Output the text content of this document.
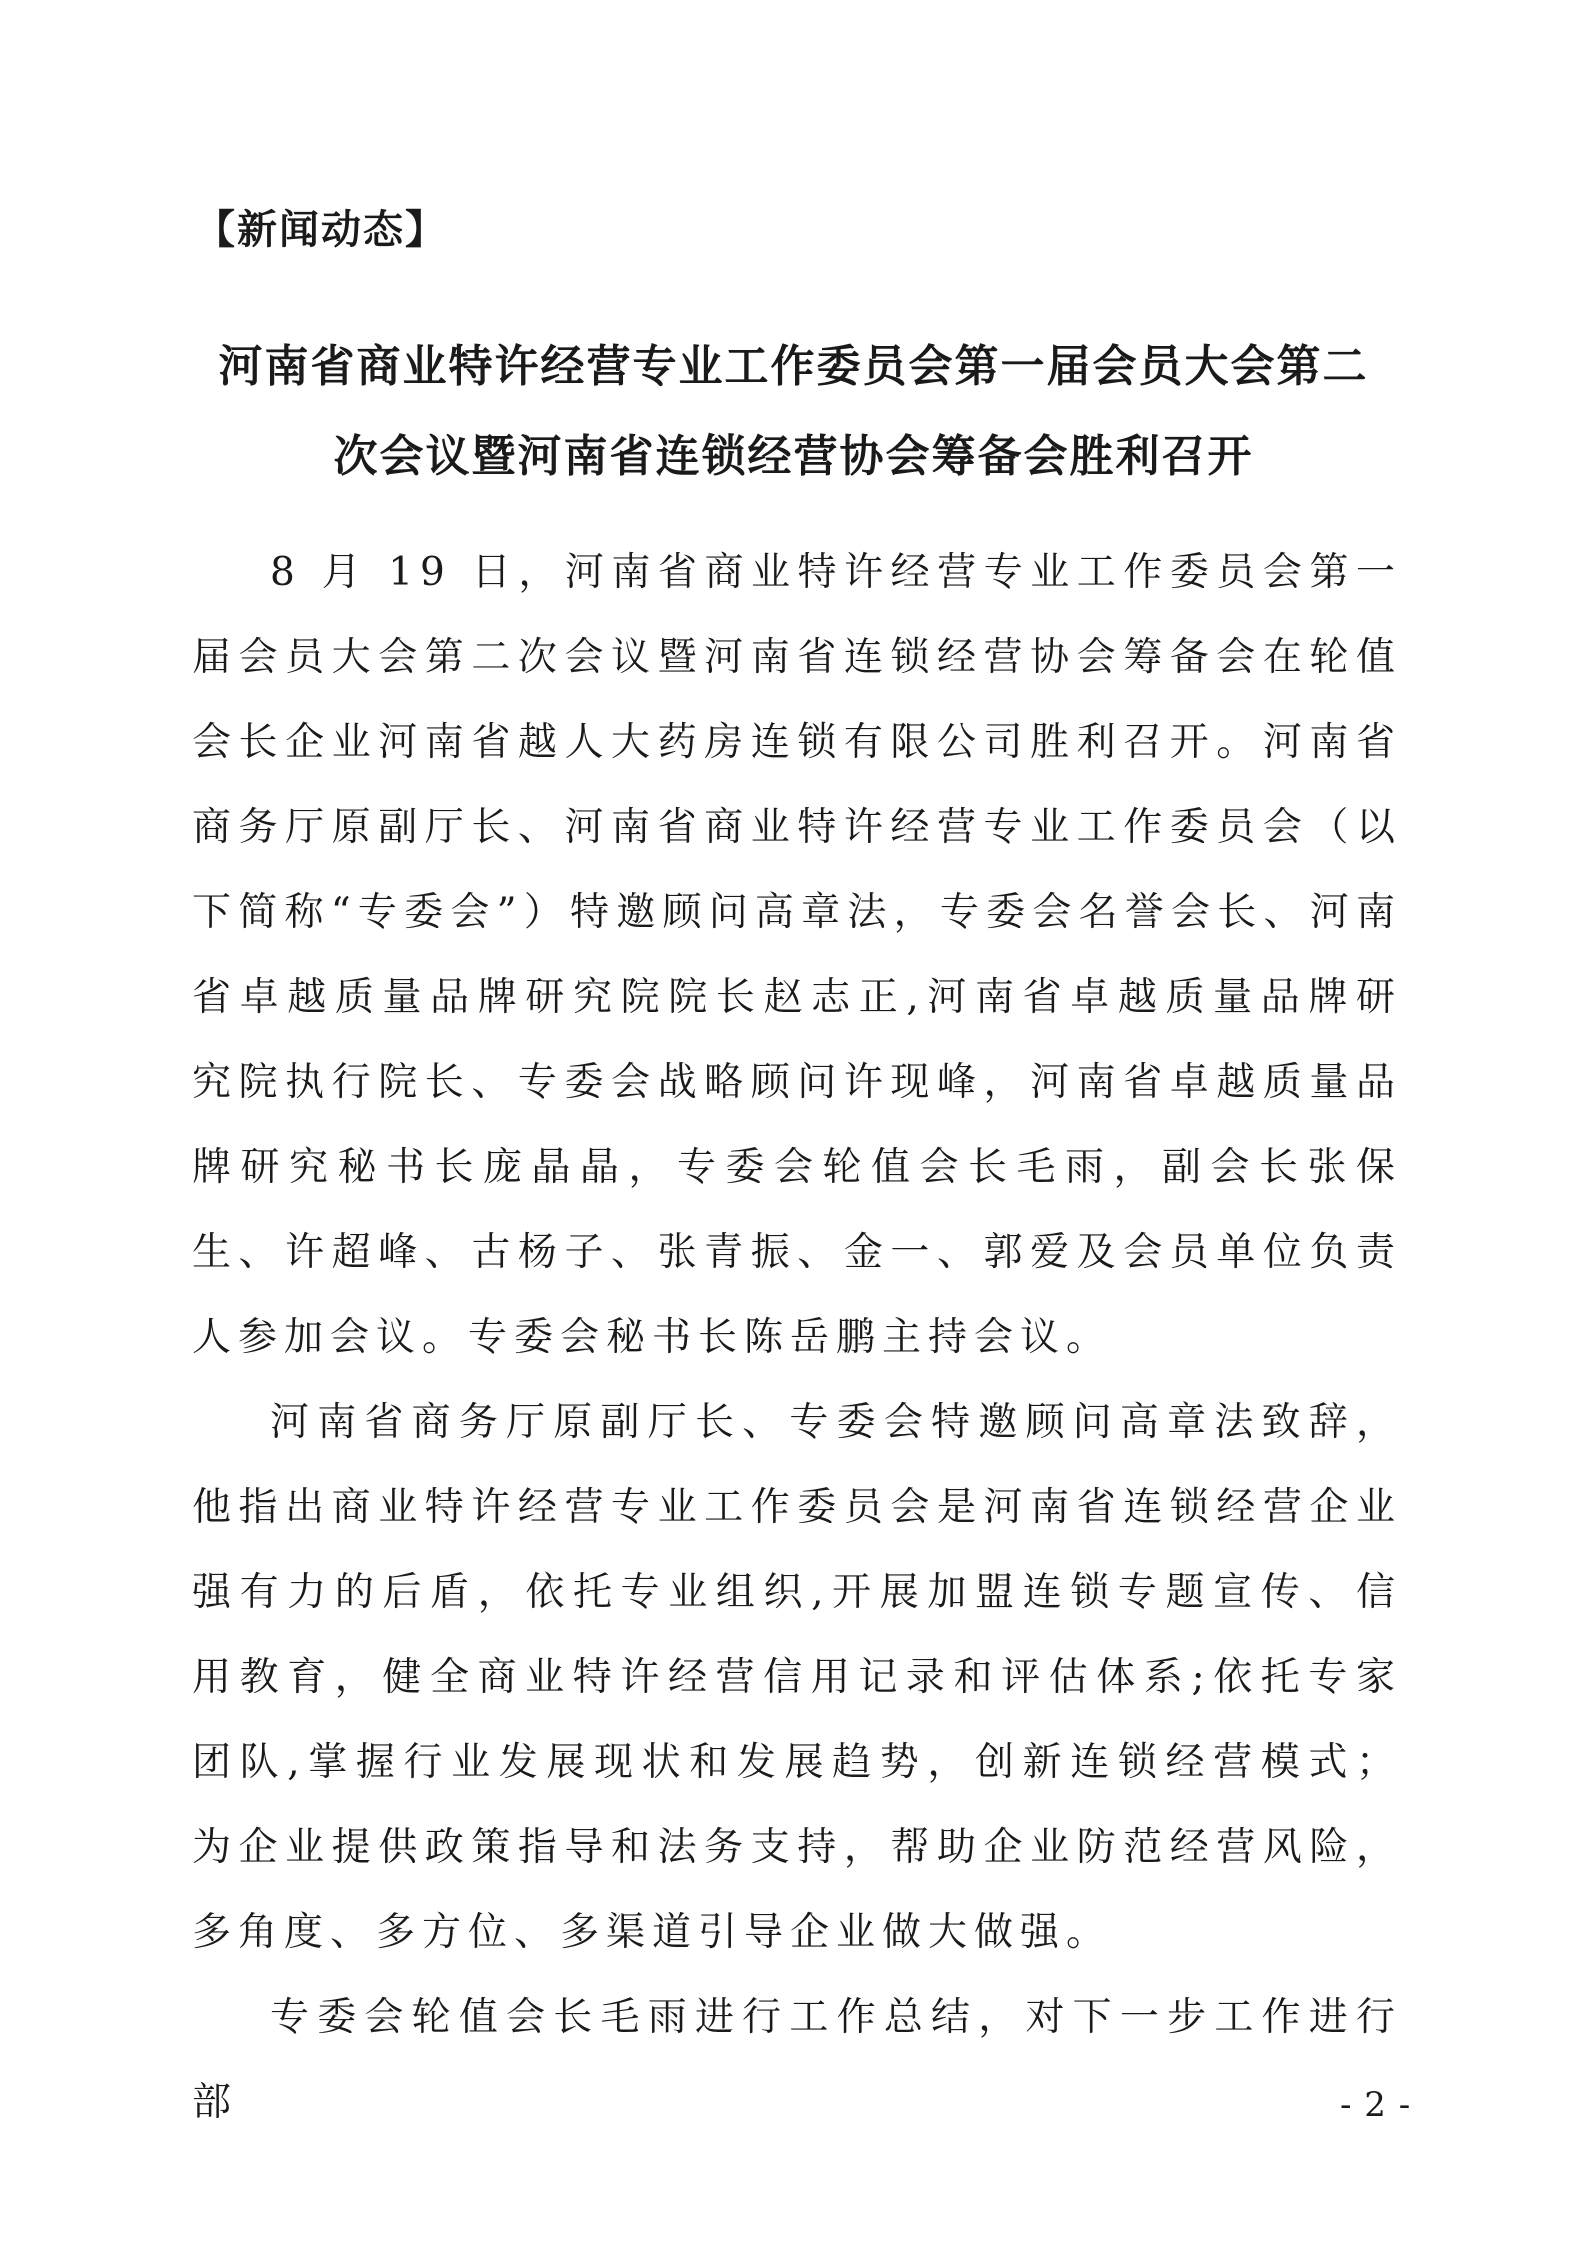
【新闻动态】
河南省商业特许经营专业工作委员会第一届会员大会第二
次会议暨河南省连锁经营协会筹备会胜利召开

8 月 19 日，河南省商业特许经营专业工作委员会第一届会员大会第二次会议暨河南省连锁经营协会筹备会在轮值会长企业河南省越人大药房连锁有限公司胜利召开。河南省商务厅原副厅长、河南省商业特许经营专业工作委员会（以下简称“专委会”）特邀顾问高章法，专委会名誉会长、河南省卓越质量品牌研究院院长赵志正,河南省卓越质量品牌研究院执行院长、专委会战略顾问许现峰，河南省卓越质量品牌研究秘书长庞晶晶，专委会轮值会长毛雨，副会长张保生、许超峰、古杨子、张青振、金一、郭爱及会员单位负责人参加会议。专委会秘书长陈岳鹏主持会议。

河南省商务厅原副厅长、专委会特邀顾问高章法致辞，他指出商业特许经营专业工作委员会是河南省连锁经营企业强有力的后盾，依托专业组织,开展加盟连锁专题宣传、信用教育，健全商业特许经营信用记录和评估体系;依托专家团队,掌握行业发展现状和发展趋势，创新连锁经营模式；为企业提供政策指导和法务支持，帮助企业防范经营风险，多角度、多方位、多渠道引导企业做大做强。

专委会轮值会长毛雨进行工作总结，对下一步工作进行部	- 2 -
